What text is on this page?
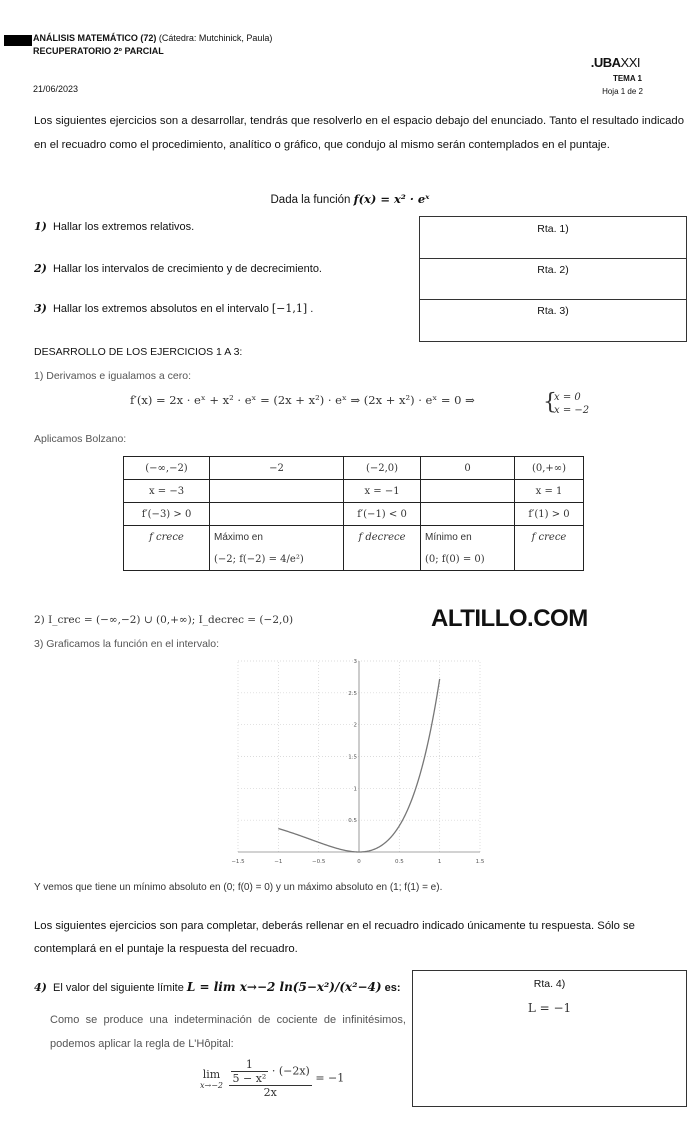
ANÁLISIS MATEMÁTICO (72) (Cátedra: Mutchinick, Paula)
RECUPERATORIO 2º PARCIAL
21/06/2023
.UBAXXI
TEMA 1
Hoja 1 de 2
Los siguientes ejercicios son a desarrollar, tendrás que resolverlo en el espacio debajo del enunciado. Tanto el resultado indicado en el recuadro como el procedimiento, analítico o gráfico, que condujo al mismo serán contemplados en el puntaje.
Dada la función f(x) = x² · eˣ
1) Hallar los extremos relativos.
2) Hallar los intervalos de crecimiento y de decrecimiento.
3) Hallar los extremos absolutos en el intervalo [−1,1] .
Rta. 1)
Rta. 2)
Rta. 3)
DESARROLLO DE LOS EJERCICIOS 1 A 3:
1) Derivamos e igualamos a cero:
f′(x) = 2x · eˣ + x² · eˣ = (2x + x²) · eˣ ⇒ (2x + x²) · eˣ = 0 ⇒	{
x = 0
x = −2
Aplicamos Bolzano:
(−∞,−2)	−2	(−2,0)	0	(0,+∞)
x = −3		x = −1		x = 1
f′(−3) > 0		f′(−1) < 0		f′(1) > 0
f crece	Máximo en	f decrece	Mínimo en	f crece
	(−2; f(−2) = 4/e²)		(0; f(0) = 0)	
2) I_crec = (−∞,−2) ∪ (0,+∞); I_decrec = (−2,0)	ALTILLO.COM
3) Graficamos la función en el intervalo:
−1.5	−1	−0.5	0	0.5	1	1.5
0.5
1
1.5
2
2.5
3
Y vemos que tiene un mínimo absoluto en (0; f(0) = 0) y un máximo absoluto en (1; f(1) = e).
Los siguientes ejercicios son para completar, deberás rellenar en el recuadro indicado únicamente tu respuesta. Sólo se contemplará en el puntaje la respuesta del recuadro.
4) El valor del siguiente límite L = lim x→−2 ln(5−x²)/(x²−4) es:
Como se produce una indeterminación de cociente de infinitésimos, podemos aplicar la regla de L'Hôpital:
lim
x→−2
$\frac{\frac{1}{\text{5 − x²}} \cdot (-2x)}{2x} = -1$
Rta. 4)
L = −1
